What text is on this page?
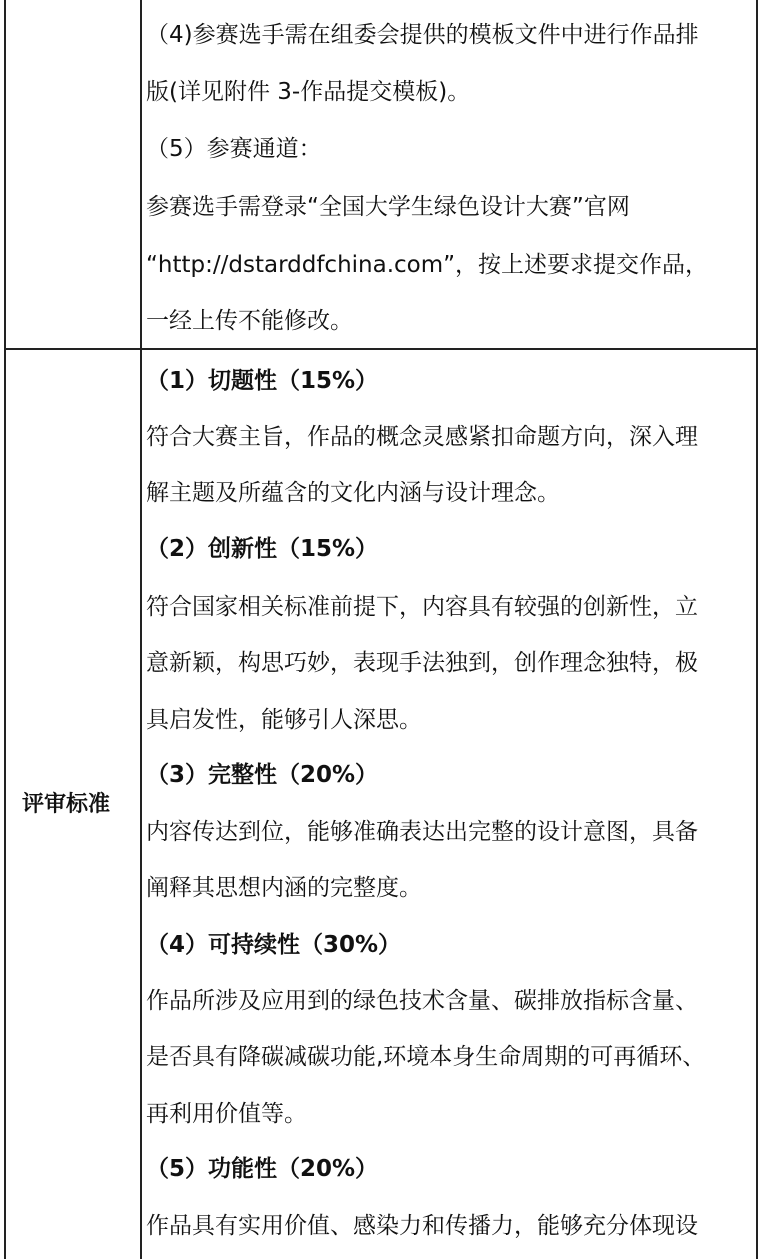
（4)参赛选手需在组委会提供的模板文件中进行作品排
版(详见附件 3-作品提交模板)。
（5）参赛通道：
参赛选手需登录“全国大学生绿色设计大赛”官网
“http://dstarddfchina.com”，按上述要求提交作品，
一经上传不能修改。
评审标准
（1）切题性（15%）
符合大赛主旨，作品的概念灵感紧扣命题方向，深入理
解主题及所蕴含的文化内涵与设计理念。
（2）创新性（15%）
符合国家相关标准前提下，内容具有较强的创新性，立
意新颖，构思巧妙，表现手法独到，创作理念独特，极
具启发性，能够引人深思。
（3）完整性（20%）
内容传达到位，能够准确表达出完整的设计意图，具备
阐释其思想内涵的完整度。
（4）可持续性（30%）
作品所涉及应用到的绿色技术含量、碳排放指标含量、
是否具有降碳减碳功能,环境本身生命周期的可再循环、
再利用价值等。
（5）功能性（20%）
作品具有实用价值、感染力和传播力，能够充分体现设
